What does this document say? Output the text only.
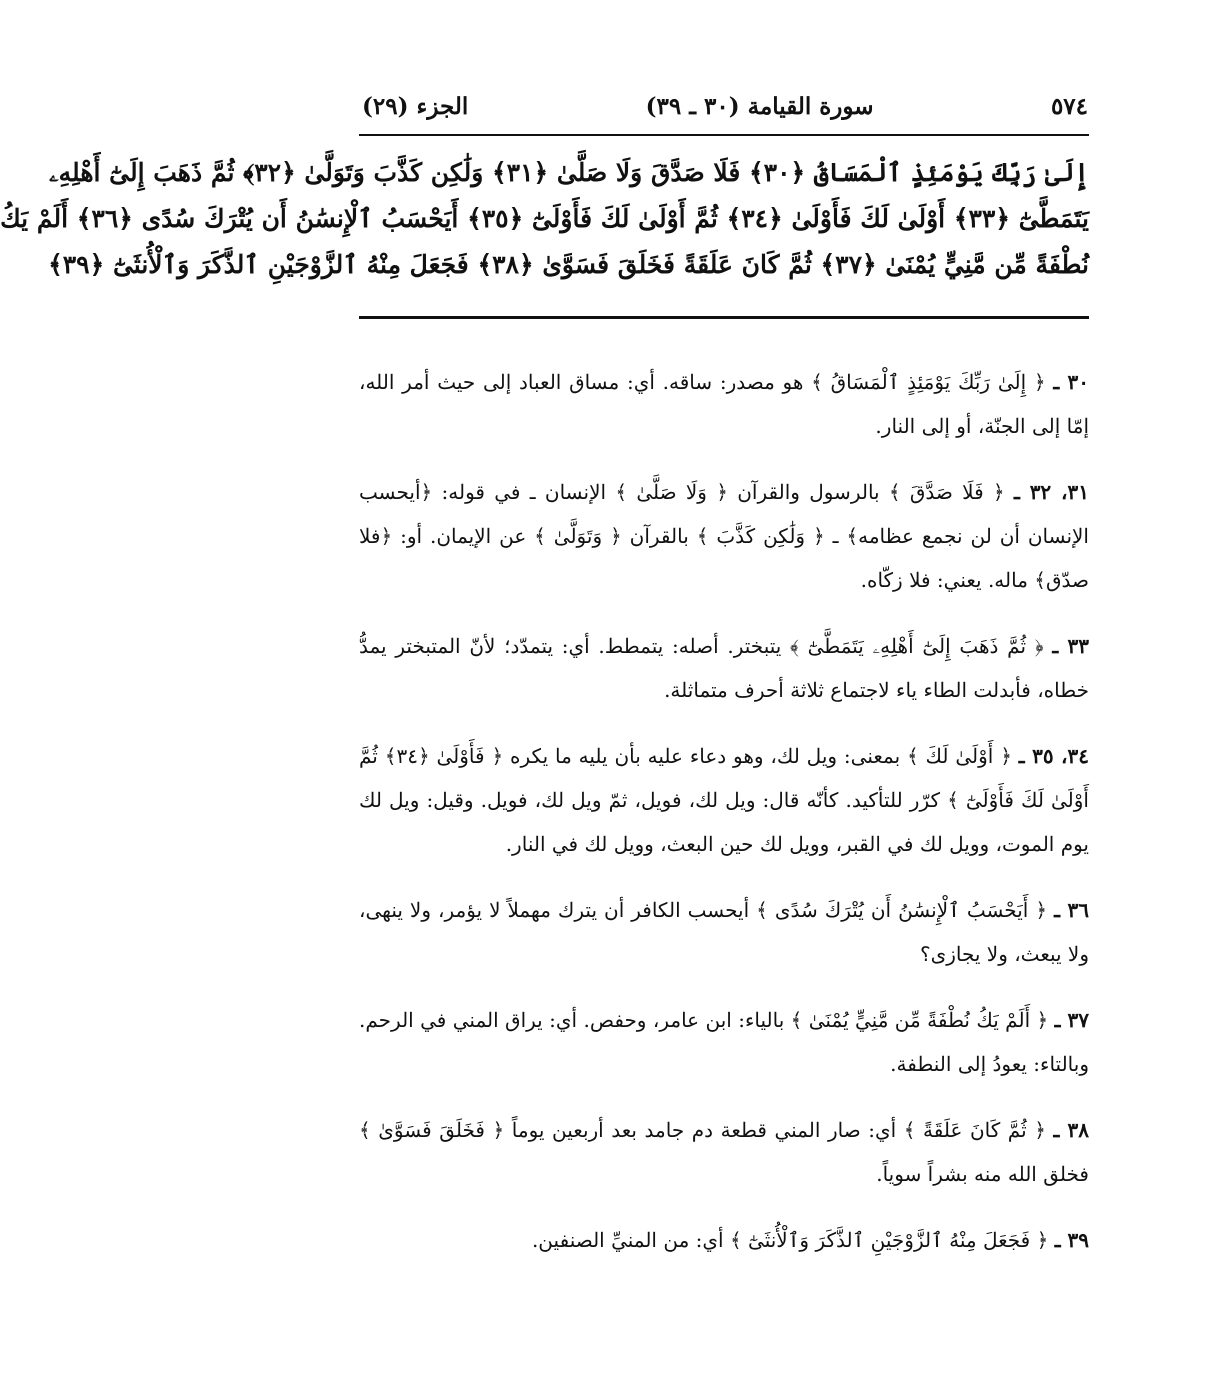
٥٧٤
سورة القيامة (٣٠ ـ ٣٩)
الجزء (٢٩)
إِلَىٰ رَبِّكَ يَوْمَئِذٍ ٱلْمَسَاقُ ﴿٣٠﴾ فَلَا صَدَّقَ وَلَا صَلَّىٰ ﴿٣١﴾ وَلَٰكِن كَذَّبَ وَتَوَلَّىٰ ﴿٣٢﴾ ثُمَّ ذَهَبَ إِلَىٰٓ أَهْلِهِۦ
يَتَمَطَّىٰٓ ﴿٣٣﴾ أَوْلَىٰ لَكَ فَأَوْلَىٰ ﴿٣٤﴾ ثُمَّ أَوْلَىٰ لَكَ فَأَوْلَىٰٓ ﴿٣٥﴾ أَيَحْسَبُ ٱلْإِنسَٰنُ أَن يُتْرَكَ سُدًى ﴿٣٦﴾ أَلَمْ يَكُ
نُطْفَةً مِّن مَّنِيٍّ يُمْنَىٰ ﴿٣٧﴾ ثُمَّ كَانَ عَلَقَةً فَخَلَقَ فَسَوَّىٰ ﴿٣٨﴾ فَجَعَلَ مِنْهُ ٱلزَّوْجَيْنِ ٱلذَّكَرَ وَٱلْأُنثَىٰٓ ﴿٣٩﴾

٣٠ ـ ﴿ إِلَىٰ رَبِّكَ يَوْمَئِذٍ ٱلْمَسَاقُ ﴾ هو مصدر: ساقه. أي: مساق العباد إلى حيث أمر الله، إمّا إلى الجنّة، أو إلى النار.

٣١، ٣٢ ـ ﴿ فَلَا صَدَّقَ ﴾ بالرسول والقرآن ﴿ وَلَا صَلَّىٰ ﴾ الإنسان ـ في قوله: ﴿أيحسب الإنسان أن لن نجمع عظامه﴾ ـ ﴿ وَلَٰكِن كَذَّبَ ﴾ بالقرآن ﴿ وَتَوَلَّىٰ ﴾ عن الإيمان. أو: ﴿فلا صدّق﴾ ماله. يعني: فلا زكّاه.

٣٣ ـ ﴿ ثُمَّ ذَهَبَ إِلَىٰٓ أَهْلِهِۦ يَتَمَطَّىٰٓ ﴾ يتبختر. أصله: يتمطط. أي: يتمدّد؛ لأنّ المتبختر يمدُّ خطاه، فأبدلت الطاء ياء لاجتماع ثلاثة أحرف متماثلة.

٣٤، ٣٥ ـ ﴿ أَوْلَىٰ لَكَ ﴾ بمعنى: ويل لك، وهو دعاء عليه بأن يليه ما يكره ﴿ فَأَوْلَىٰ ﴿٣٤﴾ ثُمَّ أَوْلَىٰ لَكَ فَأَوْلَىٰٓ ﴾ كرّر للتأكيد. كأنّه قال: ويل لك، فويل، ثمّ ويل لك، فويل. وقيل: ويل لك يوم الموت، وويل لك في القبر، وويل لك حين البعث، وويل لك في النار.

٣٦ ـ ﴿ أَيَحْسَبُ ٱلْإِنسَٰنُ أَن يُتْرَكَ سُدًى ﴾ أيحسب الكافر أن يترك مهملاً لا يؤمر، ولا ينهى، ولا يبعث، ولا يجازى؟

٣٧ ـ ﴿ أَلَمْ يَكُ نُطْفَةً مِّن مَّنِيٍّ يُمْنَىٰ ﴾ بالياء: ابن عامر، وحفص. أي: يراق المني في الرحم. وبالتاء: يعودُ إلى النطفة.

٣٨ ـ ﴿ ثُمَّ كَانَ عَلَقَةً ﴾ أي: صار المني قطعة دم جامد بعد أربعين يوماً ﴿ فَخَلَقَ فَسَوَّىٰ ﴾ فخلق الله منه بشراً سوياً.

٣٩ ـ ﴿ فَجَعَلَ مِنْهُ ٱلزَّوْجَيْنِ ٱلذَّكَرَ وَٱلْأُنثَىٰٓ ﴾ أي: من المنيِّ الصنفين.
